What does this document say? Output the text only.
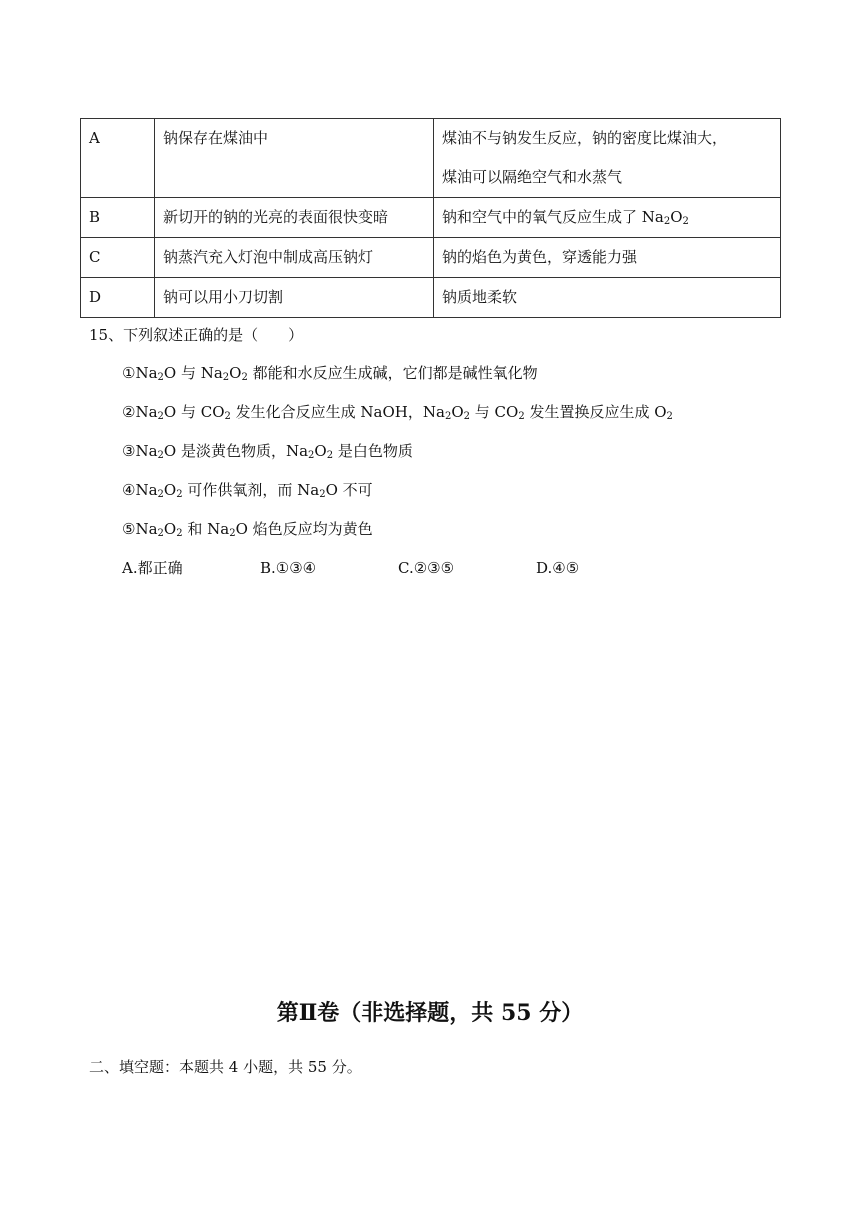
A	钠保存在煤油中	煤油不与钠发生反应，钠的密度比煤油大，
煤油可以隔绝空气和水蒸气

B	新切开的钠的光亮的表面很快变暗	钠和空气中的氧气反应生成了 $Na_2O_2$
C	钠蒸汽充入灯泡中制成高压钠灯	钠的焰色为黄色，穿透能力强
D	钠可以用小刀切割	钠质地柔软
15、下列叙述正确的是（　　）
$①Na_2O$ 与 $Na_2O_2$ 都能和水反应生成碱，它们都是碱性氧化物
$②Na_2O$ 与 $CO_2$ 发生化合反应生成 NaOH，$Na_2O_2$ 与 $CO_2$ 发生置换反应生成 $O_2$
$③Na_2O$ 是淡黄色物质，$Na_2O_2$ 是白色物质
$④Na_2O_2$ 可作供氧剂，而 $Na_2O$ 不可
$⑤Na_2O_2$ 和 $Na_2O$ 焰色反应均为黄色
A.都正确	B.①③④	C.②③⑤	D.④⑤
第Ⅱ卷（非选择题，共 55 分）
二、填空题：本题共 4 小题，共 55 分。
